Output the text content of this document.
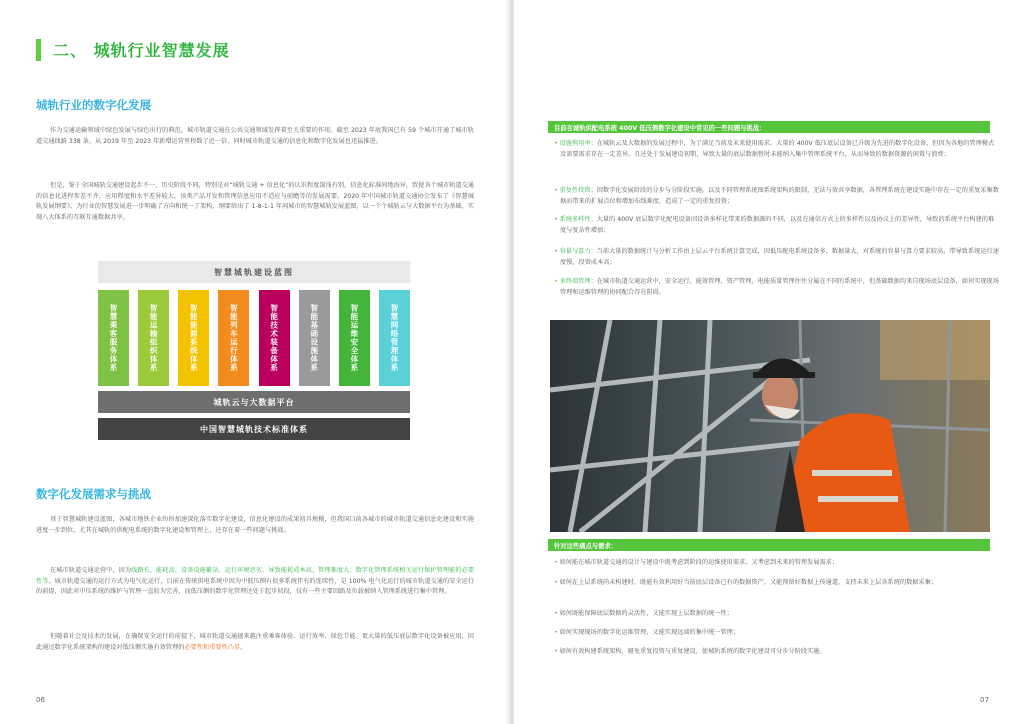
二、 城轨行业智慧发展
城轨行业的数字化发展

作为交通运输领域中绿色发展与绿色出行的典范，城市轨道交通在公共交通领域发挥着至关重要的作用。截至 2023 年底我国已有 59 个城市开通了城市轨道交通线路 338 条，从 2019 年至 2023 年新增运营里程数了近一倍，同时城市轨道交通的信息化和数字化发展也迅猛推进。

但是，鉴于全国城轨交通建设起步不一，历史阶段不同，特别是对“城轨交通 + 信息化”的认识程度深浅有别，信息化标准间地海异，致使各个城市轨道交通的信息化进程参差不齐，应用程度和水平差异较大，该类产品开发和管理信息应用不适应与前瞻等的发展需要。2020 年中国城市轨道交通协会发布了《智慧城轨发展纲要》，为行业的智慧发展进一步明确了方向和统一了架构，纲要给出了 1-8-1-1 年间城市的智慧城轨发展蓝图，以一个个城轨云与大数据平台为基础，实现八大体系的互联互通数据共享。

智慧城轨建设蓝图
智慧乘客服务体系	智能运输组织体系	智能能源系统体系	智能列车运行体系	智能技术装备体系	智能基础设施体系	智能运维安全体系	智慧网络管理体系
城轨云与大数据平台
中国智慧城轨技术标准体系
数字化发展需求与挑战

基于智慧城轨建设蓝图，各城市地铁企业纷纷加速深化落实数字化建设，信息化建设的成果初具规模，但我国目前各城市的城市轨道交通信息化建设和实施进度一步到位，尤其在城轨的供配电系统的数字化建设和管理上，还存在着一些问题与挑战。

在城市轨道交通运营中，因为线路长、能耗高、设备设施繁杂、运行环境恶劣、导致能耗成本高、管理难度大、数字化管理系统相关运行保护管理能的必要性等。城市轨道交通的运行方式为电气化运行，目前在传统供电系统中因为中低压侧有很多系统伴有的连续性，是 100% 电气化运行的城市轨道交通的安全运行的前提，因此对中压系统的维护与管理一直较为完善，而低压侧的数字化管理还处于起步初段，仅有一些主要回路及负载被纳入管理系统进行集中管理。

但随着社会及技术的发展，在确保安全运行的前提下，城市轨道交通越来越注重乘客体验、运行效率、绿色节能、更大量的低压底层数字化设备被应用，因此通过数字化系统架构的建设对低压侧实施有效管理的必要性和重要性凸显。

06
目前在城轨供配电系统 400V 低压侧数字化建设中常见的一些问题与挑战：

• 设施利用率：在城轨云及大数据的发展过程中，为了满足当前及未来使用需求，大量的 400V 低压底层设备已升级为先进的数字化设备，但因为各地的管理模式及需要需求存在一定差异，且还处于发展建设初期，导致大量的底层数据暂时未能纳入集中管理系统平台，从而导致的数据资源的闲置与浪费；

• 重复性投资：因数字化发展阶段的分步与分阶段实施，以及不同管理系统图系统架构的限制，无法与效共享数据，各管理系统在建设实施中存在一定的重复采集数据而带来的扩展点位和增加布线难度，造成了一定的重复投资；

• 系统多样性：大量的 400V 底层数字化配电设备因设备多样化带来的数据源的不同，以及在通信方式上的多样性以及协议上的差异性，导致的系统平台构建的难度与复杂性增加；

• 容量与算力：当前大量的数据统计与分析工作由上层云平台系统计算完成，因低压配电系统设备多，数据量大，对系统的容量与算力要求较高，带导致系统运行速度慢，投资成本高；

• 多终端管理：在城市轨道交通运营中，安全运行、能效管理、资产管理、电能质量管理往往分属在不同的系统中，但基础数据均来自现场底层设备，如何实现现场管理和运维管理的协同配合存在阻碍。

针对这些痛点与需求：

• 如何能在城市轨道交通的设计与建设中既考虑到阶段的运维使用需求，又考虑到未来的管理发展需求；

• 如何在上层系统尚未构建时，既能有效利用好当前底层设备已有的数据资产，又能预留好数据上传通道，支持未来上层各系统的数据采集；

• 如何既能保障底层数据的灵活性，又能实现上层数据的统一性；

• 如何实现现场的数字化运维管理，又能实现远端的集中统一管理；

• 如何有效构建系统架构，避免重复投资与重复建设，使城轨系统的数字化建设可分步分阶段实施。

07
